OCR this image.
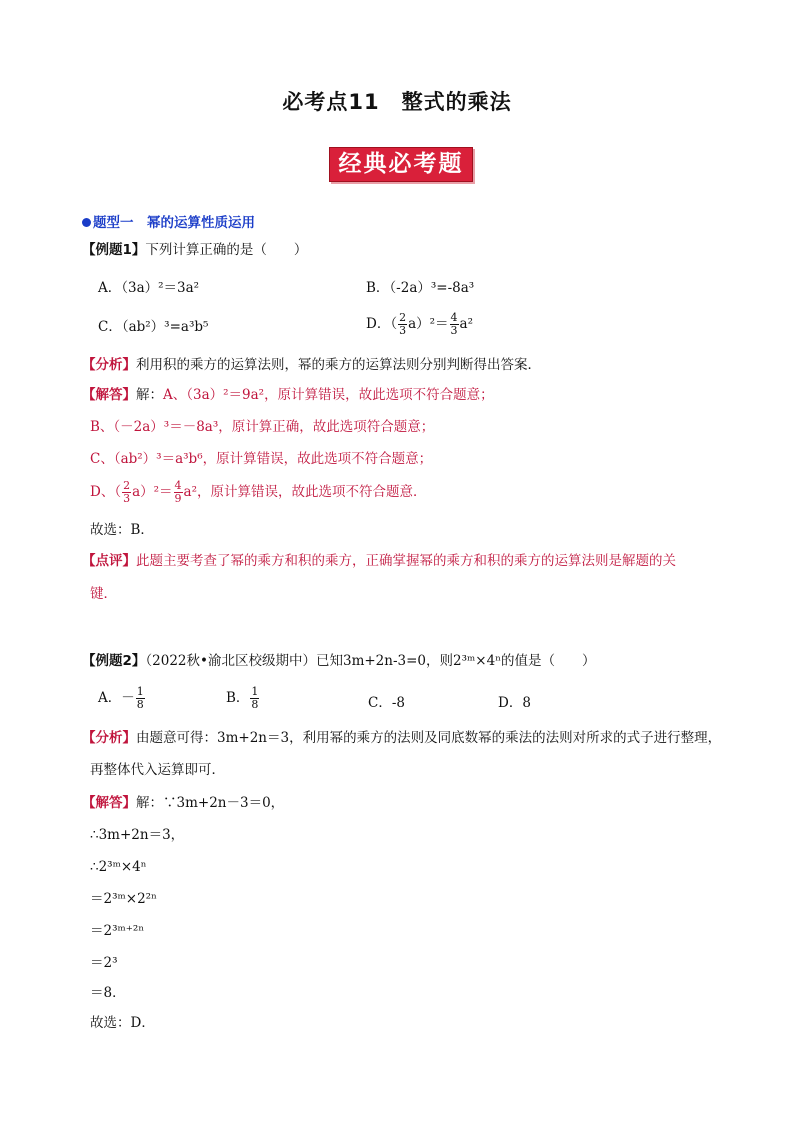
必考点11　整式的乘法
经典必考题
题型一　幂的运算性质运用
【例题1】下列计算正确的是（　　）
A．（3a）²＝3a²	B．（-2a）³=-8a³
C．（ab²）³=a³b⁵	D．（ $\frac{2}{3} a)^2= \frac{4}{3} a^2$
【分析】利用积的乘方的运算法则，幂的乘方的运算法则分别判断得出答案．
【解答】解：A、（3a）²＝9a²，原计算错误，故此选项不符合题意；
B、（－2a）³＝－8a³，原计算正确，故此选项符合题意；
C、（ab²）³＝a³b⁶，原计算错误，故此选项不符合题意；
D、（ $\frac{2}{3} a)^2= \frac{4}{9} a^2$，原计算错误，故此选项不符合题意．
故选：B．
【点评】此题主要考查了幂的乘方和积的乘方，正确掌握幂的乘方和积的乘方的运算法则是解题的关
键．
【例题2】（2022秋•渝北区校级期中）已知3m+2n-3=0，则2³ᵐ×4ⁿ的值是（　　）
A．－ $\frac{1}{8}$	B． $\frac{1}{8}$	C．-8	D．8
【分析】由题意可得：3m+2n＝3，利用幂的乘方的法则及同底数幂的乘法的法则对所求的式子进行整理，
再整体代入运算即可．
【解答】解：∵3m+2n－3＝0，
∴3m+2n＝3，
∴2³ᵐ×4ⁿ
＝2³ᵐ×2²ⁿ
＝2³ᵐ⁺²ⁿ
＝2³
＝8．
故选：D．
